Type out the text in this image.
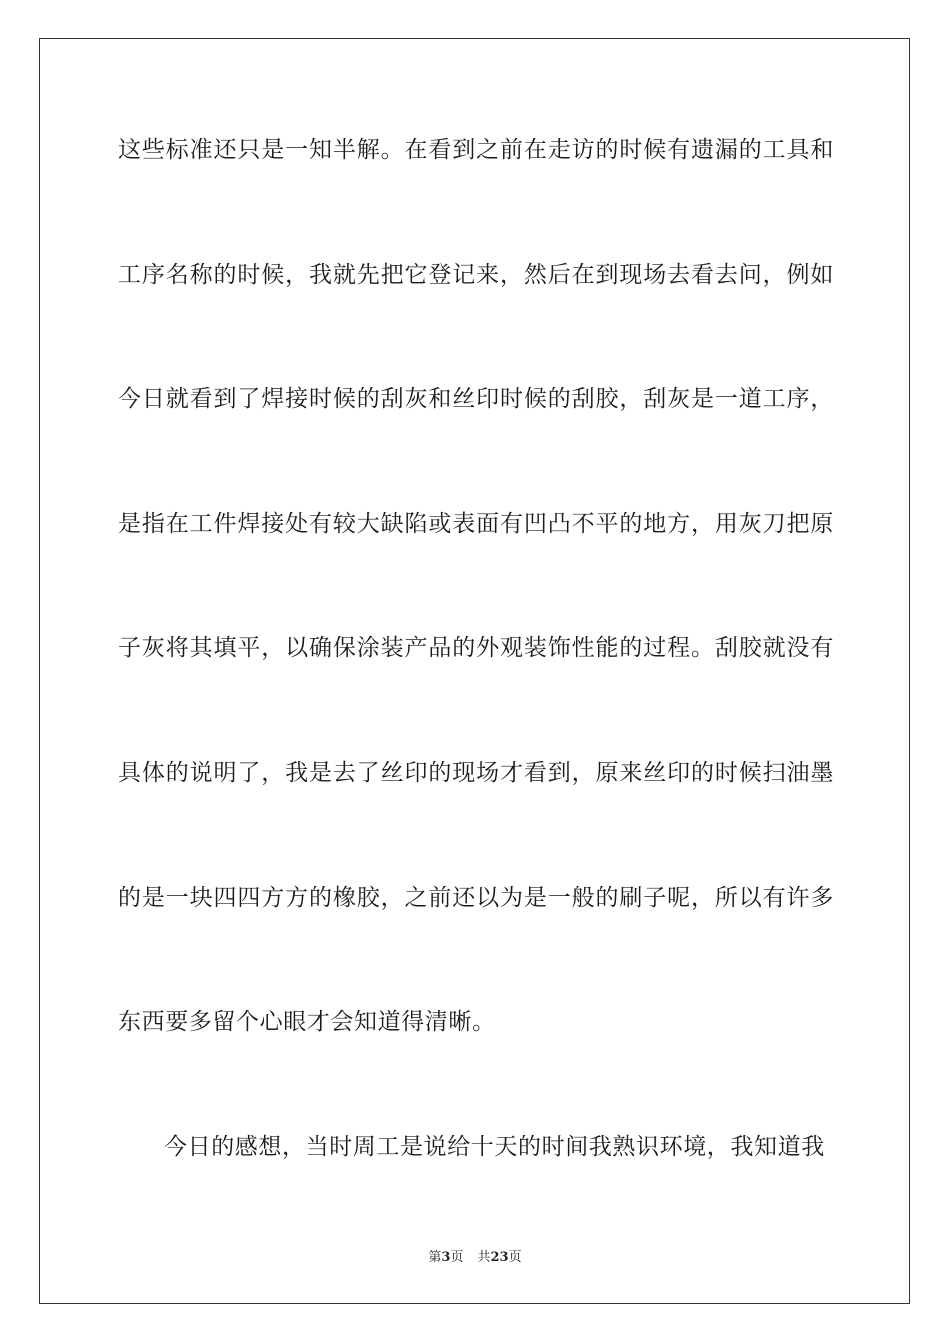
这些标准还只是一知半解。在看到之前在走访的时候有遗漏的工具和
工序名称的时候，我就先把它登记来，然后在到现场去看去问，例如
今日就看到了焊接时候的刮灰和丝印时候的刮胶，刮灰是一道工序，
是指在工件焊接处有较大缺陷或表面有凹凸不平的地方，用灰刀把原
子灰将其填平，以确保涂装产品的外观装饰性能的过程。刮胶就没有
具体的说明了，我是去了丝印的现场才看到，原来丝印的时候扫油墨
的是一块四四方方的橡胶，之前还以为是一般的刷子呢，所以有许多
东西要多留个心眼才会知道得清晰。
今日的感想，当时周工是说给十天的时间我熟识环境，我知道我
第3页 共23页
